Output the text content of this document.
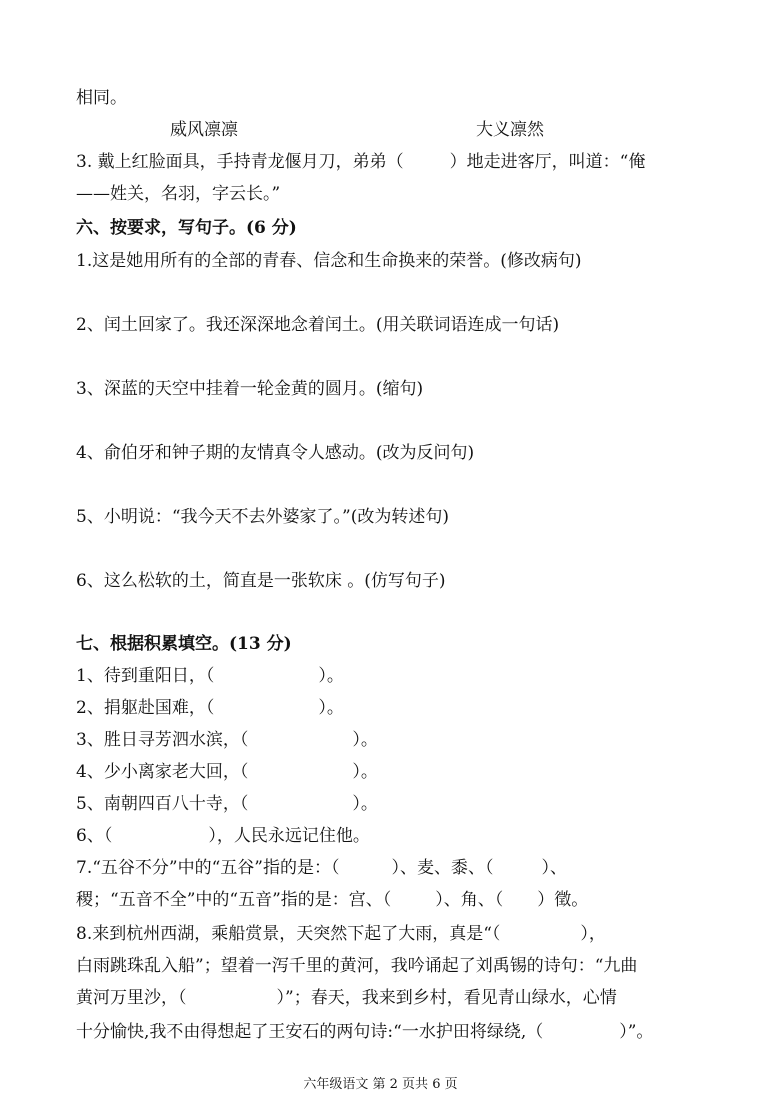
相同。
威风凛凛	大义凛然
3. 戴上红脸面具，手持青龙偃月刀，弟弟（	）地走进客厅，叫道：“俺
——姓关，名羽，字云长。”
六、按要求，写句子。(6 分)
1.这是她用所有的全部的青春、信念和生命换来的荣誉。(修改病句)
2、闰土回家了。我还深深地念着闰土。(用关联词语连成一句话)
3、深蓝的天空中挂着一轮金黄的圆月。(缩句)
4、俞伯牙和钟子期的友情真令人感动。(改为反问句)
5、小明说：“我今天不去外婆家了。”(改为转述句)
6、这么松软的土，简直是一张软床 。(仿写句子)
七、根据积累填空。(13 分)
1、待到重阳日，（	）。
2、捐躯赴国难，（	）。
3、胜日寻芳泗水滨，（	）。
4、少小离家老大回，（	）。
5、南朝四百八十寺，（	）。
6、（	），人民永远记住他。
7.“五谷不分”中的“五谷”指的是：（	）、麦、黍、（	）、
稷；“五音不全”中的“五音”指的是：宫、（	）、角、（ ）徵。
8.来到杭州西湖，乘船赏景，天突然下起了大雨，真是“（	），
白雨跳珠乱入船”；望着一泻千里的黄河，我吟诵起了刘禹锡的诗句：“九曲
黄河万里沙，（	）”；春天，我来到乡村，看见青山绿水，心情
十分愉快,我不由得想起了王安石的两句诗:“一水护田将绿绕,（	）”。
六年级语文 第 2 页共 6 页
